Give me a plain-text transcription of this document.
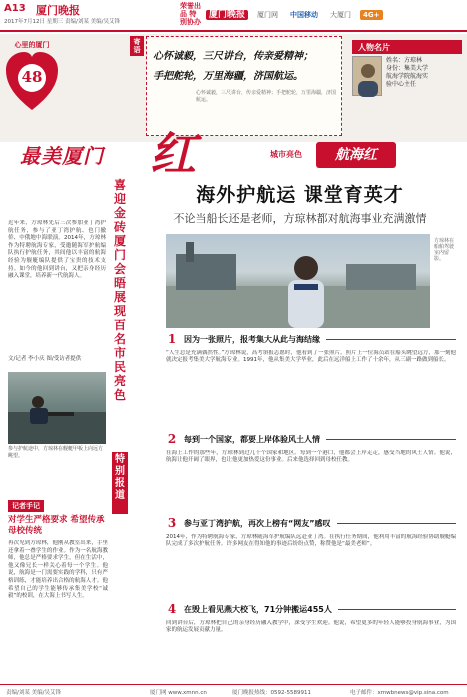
A13 厦门晚报
2017年7月12日 星期三 责编/刘某 美编/吴艾锋
荣誉出品 特别协办
厦门晚报	厦门网	中国移动	大厦门	4G+
心里的厦门
48
寄语
心怀诚毅，三尺讲台，传亲爱精神；
手把舵轮，万里海疆，济国航运。
心怀诚毅，三尺讲台，传亲爱精神；手把舵轮，万里海疆，济国航运。
人物名片
姓名：方琼林
身份：集美大学
航海学院航海实
验中心主任
最美厦门 红	城市亮色	航海红
喜迎金砖厦门会晤展现百名市民亮色
特别报道
近年来，方琼林先后三次参加亚丁湾护航任务，参与了亚丁湾护航、也门撤侨、中俄地中海联演。2014年，方琼林作为特聘航海专家，受邀随海军护航编队执行护航任务，其间他以丰富的航海经验为舰艇编队提供了宝贵的技术支持。如今的他回到讲台，又把亲身经历融入课堂，培养新一代航海人。
文/记者 李小庆 图/受访者提供
参与护航途中，方琼林在舰艇甲板上向远方眺望。
记者手记
对学生严格要求 希望传承母校传统
再次见到方琼林，他刚从教室出来，手里还拿着一叠学生的作业。作为一名航海教师，他总是严格要求学生，但在生活中，他又像兄长一样关心着每一个学生。他说，航海是一门需要实践的学科，只有严格训练，才能培养出合格的航海人才。他希望自己的学生能够传承集美学校“诚毅”的校训，在大海上书写人生。
海外护航运 课堂育英才
不论当船长还是老师，方琼林都对航海事业充满激情
方琼林在船舶驾驶室内留影。
1 因为一张照片，报考集大从此与海结缘
“人生总是充满偶然性。”方琼林说，高考填报志愿时，他看到了一张照片，照片上一位海员站在船头眺望远方，那一刻他就决定报考集美大学航海专业。1991年，他从集美大学毕业，此后在远洋船上工作了十余年，从三副一路做到船长。
2 每到一个国家，都要上岸体验风土人情
在海上工作的那些年，方琼林到过几十个国家和地区。每到一个港口，他都会上岸走走，感受当地的风土人情。他说，航海让他开阔了眼界，也让他更加热爱这份事业。后来他选择回到母校任教。
3 参与亚丁湾护航，再次上榜有“网友”感叹
2014年，作为特聘航海专家，方琼林随海军护航编队远赴亚丁湾。在执行任务期间，他利用丰富的航海经验协助舰艇编队完成了多次护航任务。许多网友在得知他的事迹后纷纷点赞，称赞他是“最美老师”。
4 在毁上看见燕大校飞，71分钟搬运455人
回到讲台后，方琼林把自己的亲身经历融入教学中，深受学生欢迎。他说，希望更多的年轻人能够投身航海事业，为国家的航运发展贡献力量。
责编/刘某 美编/吴艾锋	厦门网 www.xmnn.cn	厦门晚报热线：0592-5589911	电子邮件：xmwbnews@vip.sina.com
